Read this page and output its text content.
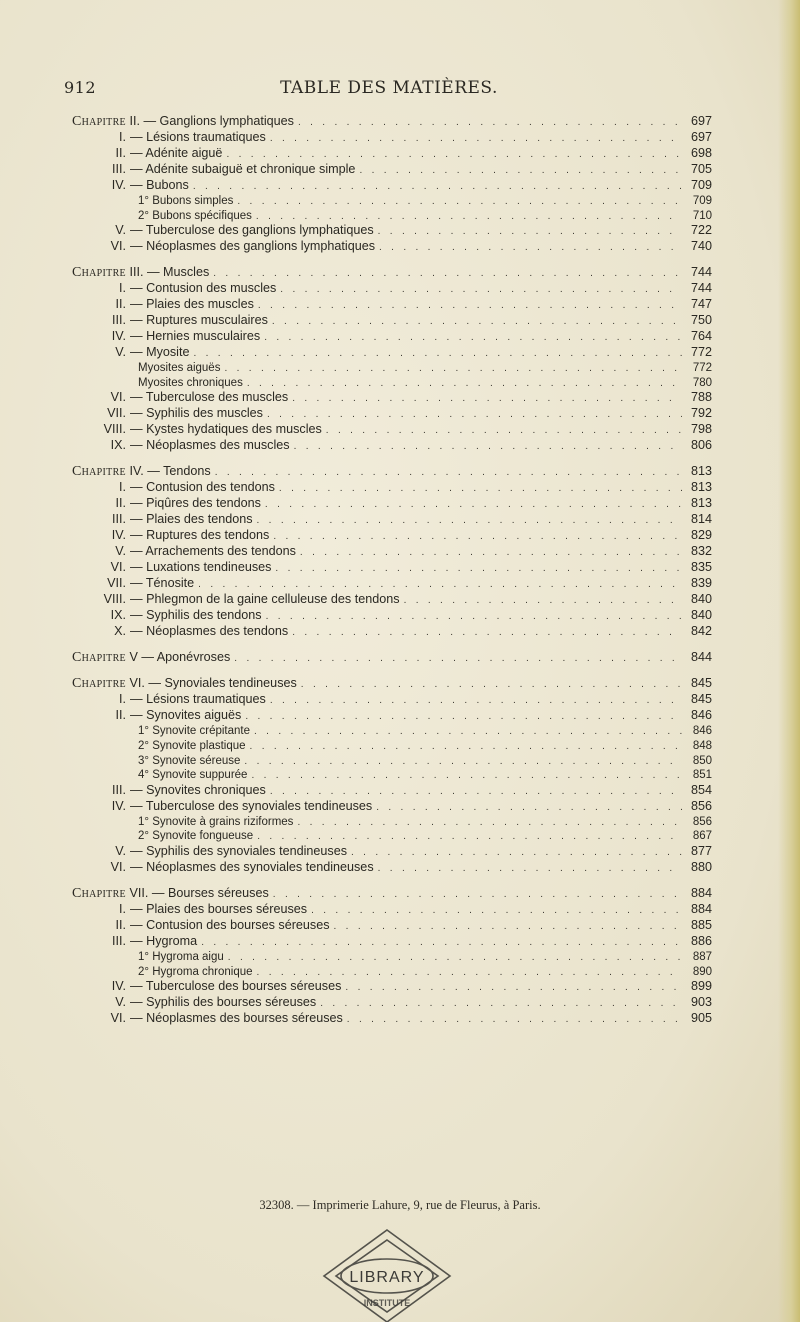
912	TABLE DES MATIÈRES.
Chapitre II. — Ganglions lymphatiques . . .	697
I. — Lésions traumatiques . . .	697
II. — Adénite aiguë . . .	698
III. — Adénite subaiguë et chronique simple . . .	705
IV. — Bubons . . .	709
1° Bubons simples . . .	709
2° Bubons spécifiques . . .	710
V. — Tuberculose des ganglions lymphatiques . . .	722
VI. — Néoplasmes des ganglions lymphatiques . . .	740
Chapitre III. — Muscles . . .	744
I. — Contusion des muscles . . .	744
II. — Plaies des muscles . . .	747
III. — Ruptures musculaires . . .	750
IV. — Hernies musculaires . . .	764
V. — Myosite . . .	772
Myosites aiguës . . .	772
Myosites chroniques . . .	780
VI. — Tuberculose des muscles . . .	788
VII. — Syphilis des muscles . . .	792
VIII. — Kystes hydatiques des muscles . . .	798
IX. — Néoplasmes des muscles . . .	806
Chapitre IV. — Tendons . . .	813
I. — Contusion des tendons . . .	813
II. — Piqûres des tendons . . .	813
III. — Plaies des tendons . . .	814
IV. — Ruptures des tendons . . .	829
V. — Arrachements des tendons . . .	832
VI. — Luxations tendineuses . . .	835
VII. — Ténosite . . .	839
VIII. — Phlegmon de la gaine celluleuse des tendons . . .	840
IX. — Syphilis des tendons . . .	840
X. — Néoplasmes des tendons . . .	842
Chapitre V — Aponévroses . . .	844
Chapitre VI. — Synoviales tendineuses . . .	845
I. — Lésions traumatiques . . .	845
II. — Synovites aiguës . . .	846
1° Synovite crépitante . . .	846
2° Synovite plastique . . .	848
3° Synovite séreuse . . .	850
4° Synovite suppurée . . .	851
III. — Synovites chroniques . . .	854
IV. — Tuberculose des synoviales tendineuses . . .	856
1° Synovite à grains riziformes . . .	856
2° Synovite fongueuse . . .	867
V. — Syphilis des synoviales tendineuses . . .	877
VI. — Néoplasmes des synoviales tendineuses . . .	880
Chapitre VII. — Bourses séreuses . . .	884
I. — Plaies des bourses séreuses . . .	884
II. — Contusion des bourses séreuses . . .	885
III. — Hygroma . . .	886
1° Hygroma aigu . . .	887
2° Hygroma chronique . . .	890
IV. — Tuberculose des bourses séreuses . . .	899
V. — Syphilis des bourses séreuses . . .	903
VI. — Néoplasmes des bourses séreuses . . .	905
32308. — Imprimerie Lahure, 9, rue de Fleurus, à Paris.
LIBRARY
INSTITUTE
